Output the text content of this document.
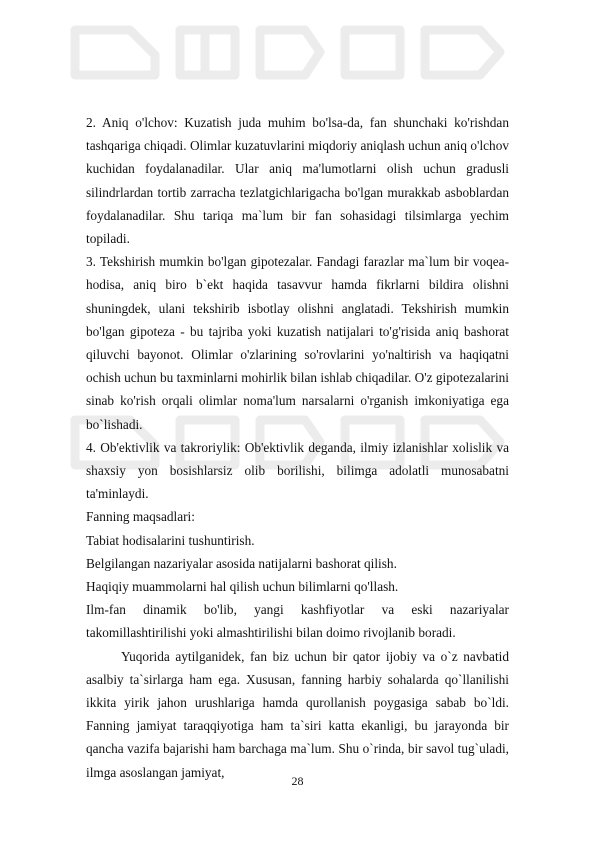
2. Aniq o'lchov: Kuzatish juda muhim bo'lsa-da, fan shunchaki ko'rishdan tashqariga chiqadi. Olimlar kuzatuvlarini miqdoriy aniqlash uchun aniq o'lchov kuchidan foydalanadilar. Ular aniq ma'lumotlarni olish uchun gradusli silindrlardan tortib zarracha tezlatgichlarigacha bo'lgan murakkab asboblardan foydalanadilar. Shu tariqa ma`lum bir fan sohasidagi tilsimlarga yechim topiladi.

3. Tekshirish mumkin bo'lgan gipotezalar. Fandagi farazlar ma`lum bir voqea-hodisa, aniq biro b`ekt haqida tasavvur hamda fikrlarni bildira olishni shuningdek, ulani tekshirib isbotlay olishni anglatadi. Tekshirish mumkin bo'lgan gipoteza - bu tajriba yoki kuzatish natijalari to'g'risida aniq bashorat qiluvchi bayonot. Olimlar o'zlarining so'rovlarini yo'naltirish va haqiqatni ochish uchun bu taxminlarni mohirlik bilan ishlab chiqadilar. O'z gipotezalarini sinab ko'rish orqali olimlar noma'lum narsalarni o'rganish imkoniyatiga ega bo`lishadi.

4. Ob'ektivlik va takroriylik: Ob'ektivlik deganda, ilmiy izlanishlar xolislik va shaxsiy yon bosishlarsiz olib borilishi, bilimga adolatli munosabatni ta'minlaydi.

Fanning maqsadlari:

Tabiat hodisalarini tushuntirish.

Belgilangan nazariyalar asosida natijalarni bashorat qilish.

Haqiqiy muammolarni hal qilish uchun bilimlarni qo'llash.

Ilm-fan dinamik bo'lib, yangi kashfiyotlar va eski nazariyalar takomillashtirilishi yoki almashtirilishi bilan doimo rivojlanib boradi.

Yuqorida aytilganidek, fan biz uchun bir qator ijobiy va o`z navbatid asalbiy ta`sirlarga ham ega. Xususan, fanning harbiy sohalarda qo`llanilishi ikkita yirik jahon urushlariga hamda qurollanish poygasiga sabab bo`ldi. Fanning jamiyat taraqqiyotiga ham ta`siri katta ekanligi, bu jarayonda bir qancha vazifa bajarishi ham barchaga ma`lum. Shu o`rinda, bir savol tug`uladi, ilmga asoslangan jamiyat,

28
